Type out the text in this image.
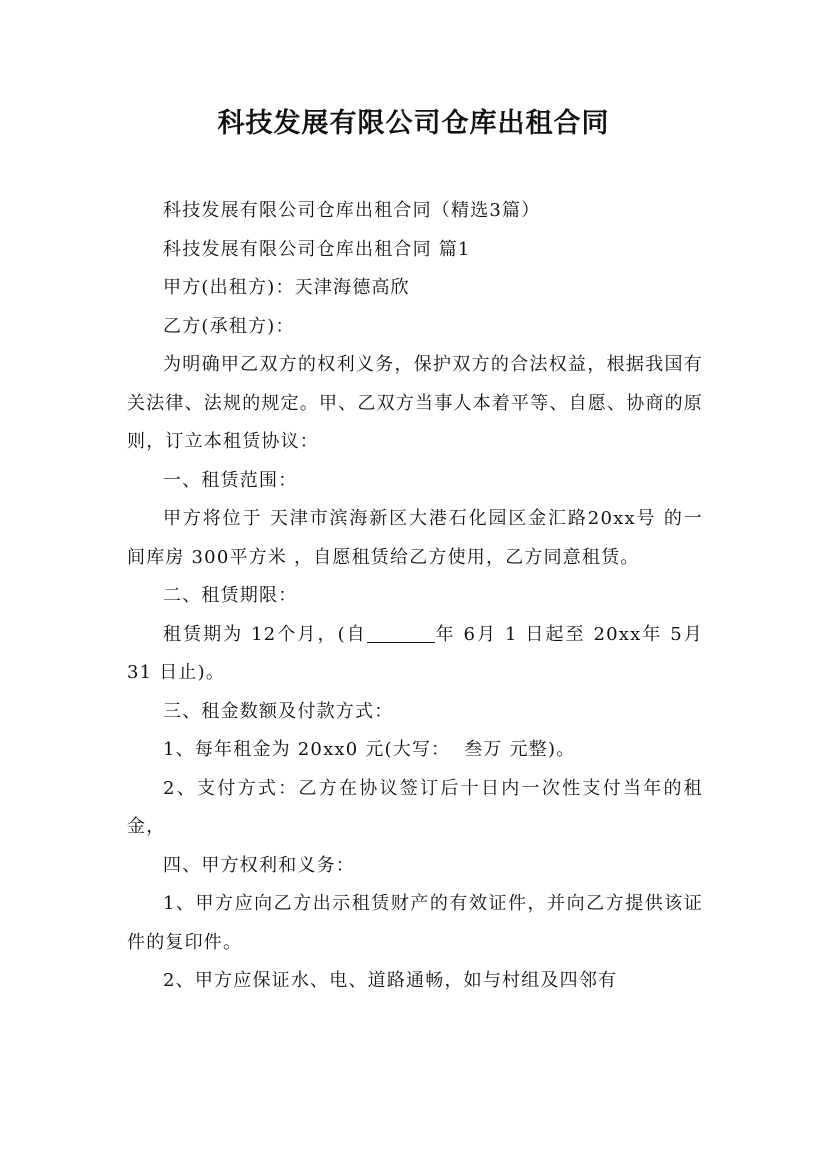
科技发展有限公司仓库出租合同

科技发展有限公司仓库出租合同（精选3篇）

科技发展有限公司仓库出租合同 篇1

甲方(出租方)：天津海德高欣

乙方(承租方)：

为明确甲乙双方的权利义务，保护双方的合法权益，根据我国有关法律、法规的规定。甲、乙双方当事人本着平等、自愿、协商的原则，订立本租赁协议：

一、租赁范围：

甲方将位于 天津市滨海新区大港石化园区金汇路20xx号 的一间库房 300平方米 ，自愿租赁给乙方使用，乙方同意租赁。

二、租赁期限：

租赁期为 12个月，(自	年 6月 1 日起至 20xx年 5月 31 日止)。

三、租金数额及付款方式：

1、每年租金为 20xx0 元(大写：  叁万 元整)。

2、支付方式：乙方在协议签订后十日内一次性支付当年的租金，

四、甲方权利和义务：

1、甲方应向乙方出示租赁财产的有效证件，并向乙方提供该证件的复印件。

2、甲方应保证水、电、道路通畅，如与村组及四邻有
